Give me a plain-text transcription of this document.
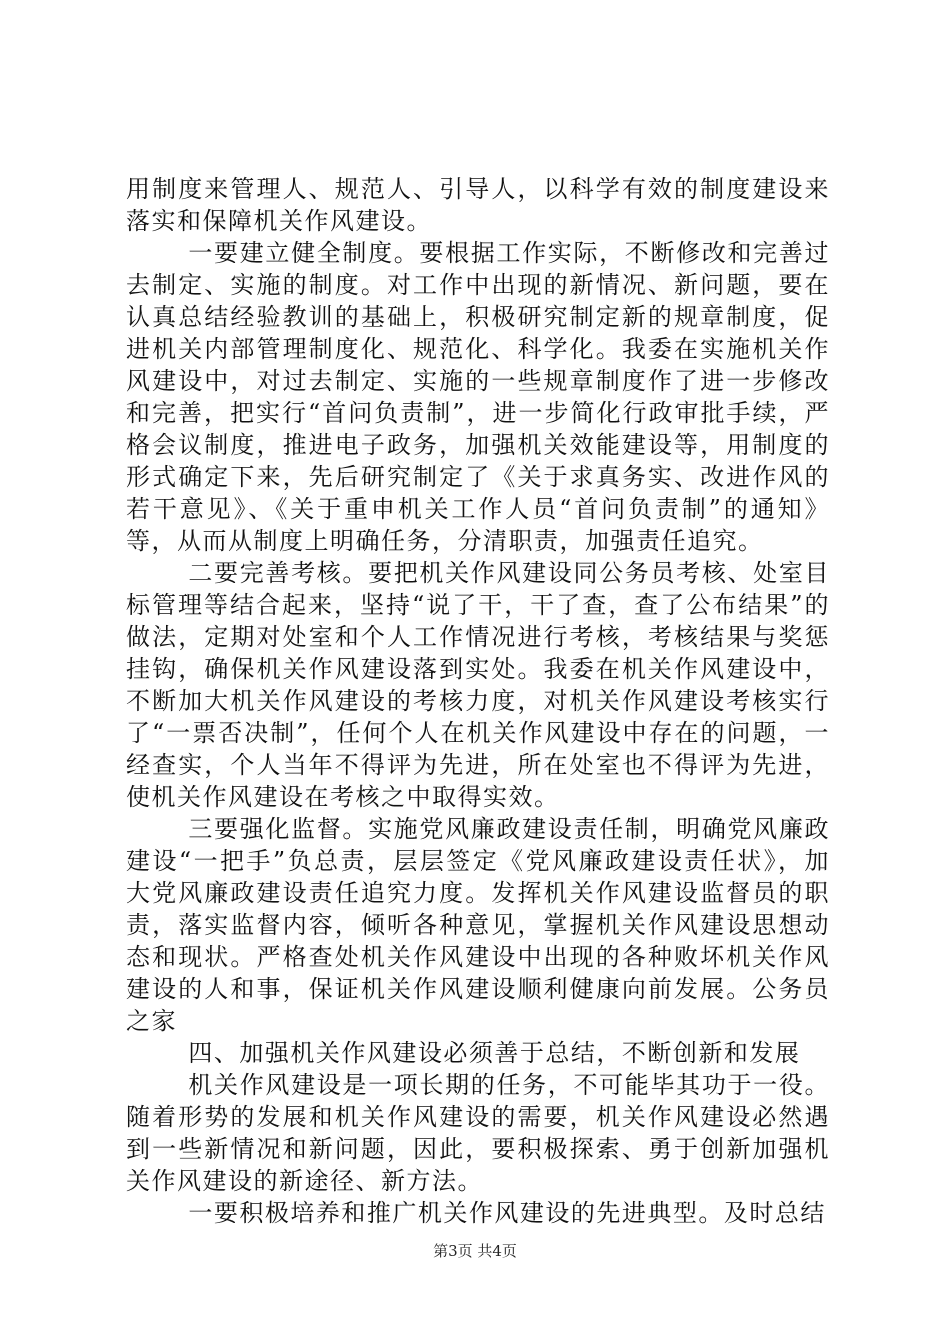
用制度来管理人、规范人、引导人，以科学有效的制度建设来落实和保障机关作风建设。

一要建立健全制度。要根据工作实际，不断修改和完善过去制定、实施的制度。对工作中出现的新情况、新问题，要在认真总结经验教训的基础上，积极研究制定新的规章制度，促进机关内部管理制度化、规范化、科学化。我委在实施机关作风建设中，对过去制定、实施的一些规章制度作了进一步修改和完善，把实行“首问负责制”，进一步简化行政审批手续，严格会议制度，推进电子政务，加强机关效能建设等，用制度的形式确定下来，先后研究制定了《关于求真务实、改进作风的若干意见》、《关于重申机关工作人员“首问负责制”的通知》等，从而从制度上明确任务，分清职责，加强责任追究。

二要完善考核。要把机关作风建设同公务员考核、处室目标管理等结合起来，坚持“说了干，干了查，查了公布结果”的做法，定期对处室和个人工作情况进行考核，考核结果与奖惩挂钩，确保机关作风建设落到实处。我委在机关作风建设中，不断加大机关作风建设的考核力度，对机关作风建设考核实行了“一票否决制”，任何个人在机关作风建设中存在的问题，一经查实，个人当年不得评为先进，所在处室也不得评为先进，使机关作风建设在考核之中取得实效。

三要强化监督。实施党风廉政建设责任制，明确党风廉政建设“一把手”负总责，层层签定《党风廉政建设责任状》，加大党风廉政建设责任追究力度。发挥机关作风建设监督员的职责，落实监督内容，倾听各种意见，掌握机关作风建设思想动态和现状。严格查处机关作风建设中出现的各种败坏机关作风建设的人和事，保证机关作风建设顺利健康向前发展。公务员之家

四、加强机关作风建设必须善于总结，不断创新和发展

机关作风建设是一项长期的任务，不可能毕其功于一役。随着形势的发展和机关作风建设的需要，机关作风建设必然遇到一些新情况和新问题，因此，要积极探索、勇于创新加强机关作风建设的新途径、新方法。

一要积极培养和推广机关作风建设的先进典型。及时总结

第3页 共4页
